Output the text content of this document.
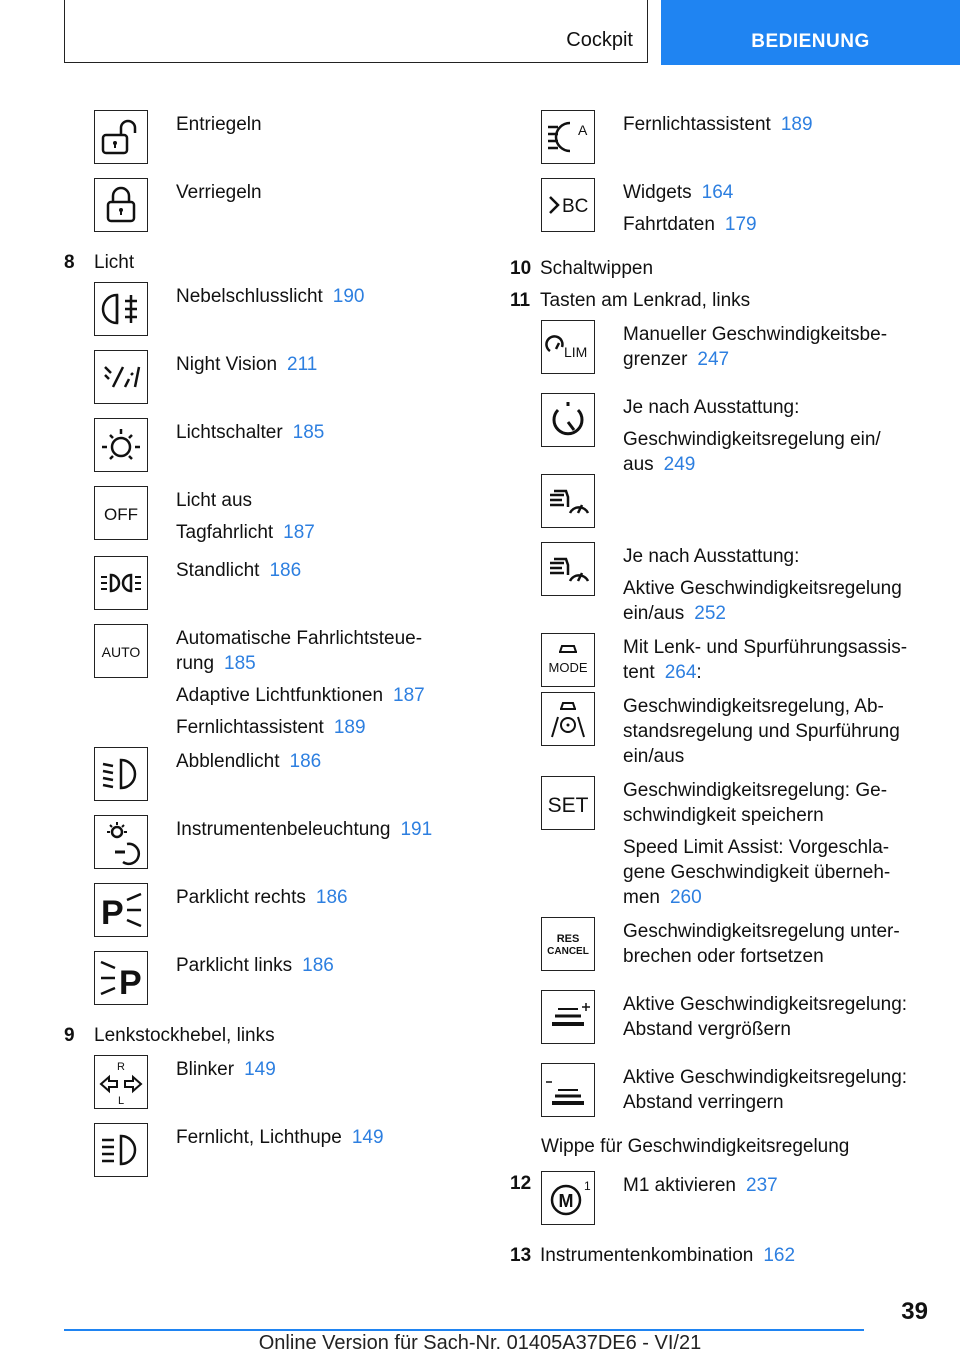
Cockpit	BEDIENUNG

Entriegeln

Verriegeln

8	Licht

Nebelschlusslicht 190

Night Vision 211

Lichtschalter 185

OFF

Licht aus

Tagfahrlicht 187

Standlicht 186

AUTO

Automatische Fahrlichtsteue-
rung 185

Adaptive Lichtfunktionen 187

Fernlichtassistent 189

Abblendlicht 186

Instrumentenbeleuchtung 191

P	Parklicht rechts 186

P Parklicht links 186

9	Lenkstockhebel, links
R
L

Blinker 149

Fernlicht, Lichthupe 149

A Fernlichtassistent 189

BC

Widgets 164

Fahrtdaten 179

10 Schaltwippen
11 Tasten am Lenkrad, links
LIM

Manueller Geschwindigkeitsbe-
grenzer 247

Je nach Ausstattung:

Geschwindigkeitsregelung ein/
aus 249

Je nach Ausstattung:

Aktive Geschwindigkeitsregelung
ein/aus 252

MODE

Mit Lenk- und Spurführungsassis-
tent 264:

Geschwindigkeitsregelung, Ab-
standsregelung und Spurführung
ein/aus

SET

Geschwindigkeitsregelung: Ge-
schwindigkeit speichern

Speed Limit Assist: Vorgeschla-
gene Geschwindigkeit überneh-
men 260

RES
CANCEL

Geschwindigkeitsregelung unter-
brechen oder fortsetzen

Aktive Geschwindigkeitsregelung:
Abstand vergrößern

Aktive Geschwindigkeitsregelung:
Abstand verringern

Wippe für Geschwindigkeitsregelung
12
M
1 M1 aktivieren 237

13 Instrumentenkombination 162
39
Online Version für Sach-Nr. 01405A37DE6 - VI/21
